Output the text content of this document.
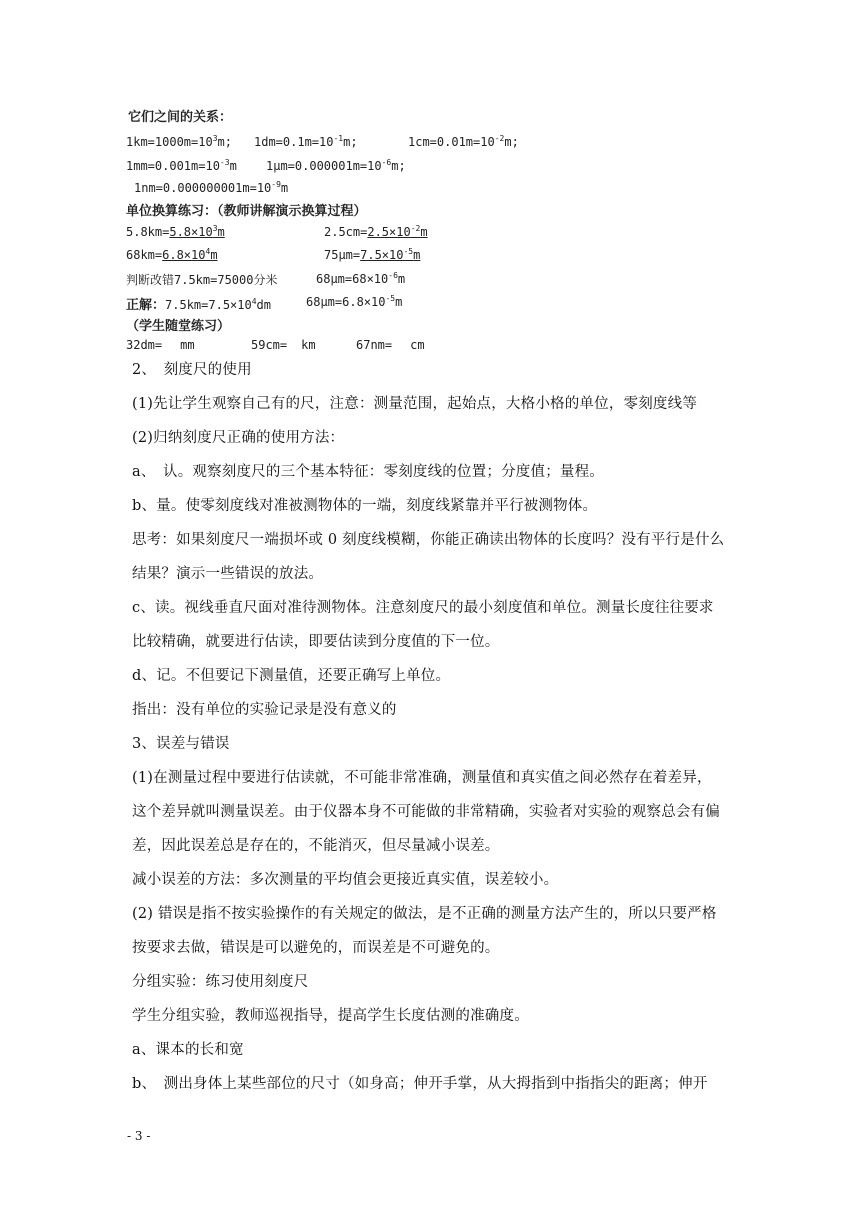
它们之间的关系：
$1km=1000m=10^3m$; $1dm=0.1m=10^{-1}m$;	$1cm=0.01m=10^{-2}m$;
$1mm=0.001m=10^{-3}m$ $1\mu m=0.000001m=10^{-6}m$;
$1nm=0.000000001m=10^{-9}m$
单位换算练习：（教师讲解演示换算过程）
$5.8km=5.8\times 10^3m$	$2.5cm=2.5\times 10^{-2}m$
$68km=6.8\times 10^4m$	$75\mu m=7.5\times 10^{-5}m$
判断改错7.5km=75000分米	$68\mu m=68\times 10^{-6}m$
正解：$7.5km=7.5\times 10^4dm$	$68\mu m=6.8\times 10^{-5}m$
（学生随堂练习）
32dm= mm	59cm= km	67nm= cm
2、　刻度尺的使用
(1)先让学生观察自己有的尺，注意：测量范围，起始点，大格小格的单位，零刻度线等
(2)归纳刻度尺正确的使用方法：
a、　认。观察刻度尺的三个基本特征：零刻度线的位置；分度值；量程。
b、量。使零刻度线对准被测物体的一端，刻度线紧靠并平行被测物体。
思考：如果刻度尺一端损坏或 0 刻度线模糊，你能正确读出物体的长度吗？没有平行是什么
结果？演示一些错误的放法。
c、读。视线垂直尺面对准待测物体。注意刻度尺的最小刻度值和单位。测量长度往往要求
比较精确，就要进行估读，即要估读到分度值的下一位。
d、记。不但要记下测量值，还要正确写上单位。
指出：没有单位的实验记录是没有意义的
3、误差与错误
(1)在测量过程中要进行估读就，不可能非常准确，测量值和真实值之间必然存在着差异，
这个差异就叫测量误差。由于仪器本身不可能做的非常精确，实验者对实验的观察总会有偏
差，因此误差总是存在的，不能消灭，但尽量减小误差。
减小误差的方法：多次测量的平均值会更接近真实值，误差较小。
(2) 错误是指不按实验操作的有关规定的做法，是不正确的测量方法产生的，所以只要严格
按要求去做，错误是可以避免的，而误差是不可避免的。
分组实验：练习使用刻度尺
学生分组实验，教师巡视指导，提高学生长度估测的准确度。
a、课本的长和宽
b、　测出身体上某些部位的尺寸（如身高；伸开手掌，从大拇指到中指指尖的距离；伸开
- 3 -
